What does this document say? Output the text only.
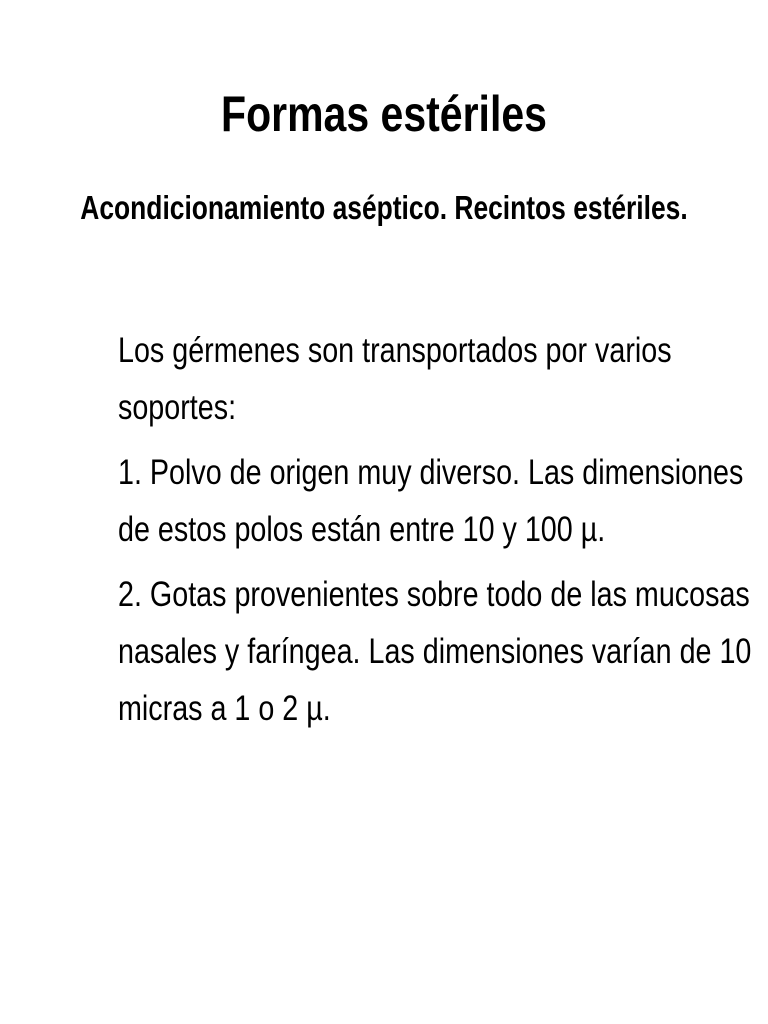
Formas estériles
Acondicionamiento aséptico. Recintos estériles.
Los gérmenes son transportados por varios
soportes:
1. Polvo de origen muy diverso. Las dimensiones
de estos polos están entre 10 y 100 µ.
2. Gotas provenientes sobre todo de las mucosas
nasales y faríngea. Las dimensiones varían de 10
micras a 1 o 2 µ.
